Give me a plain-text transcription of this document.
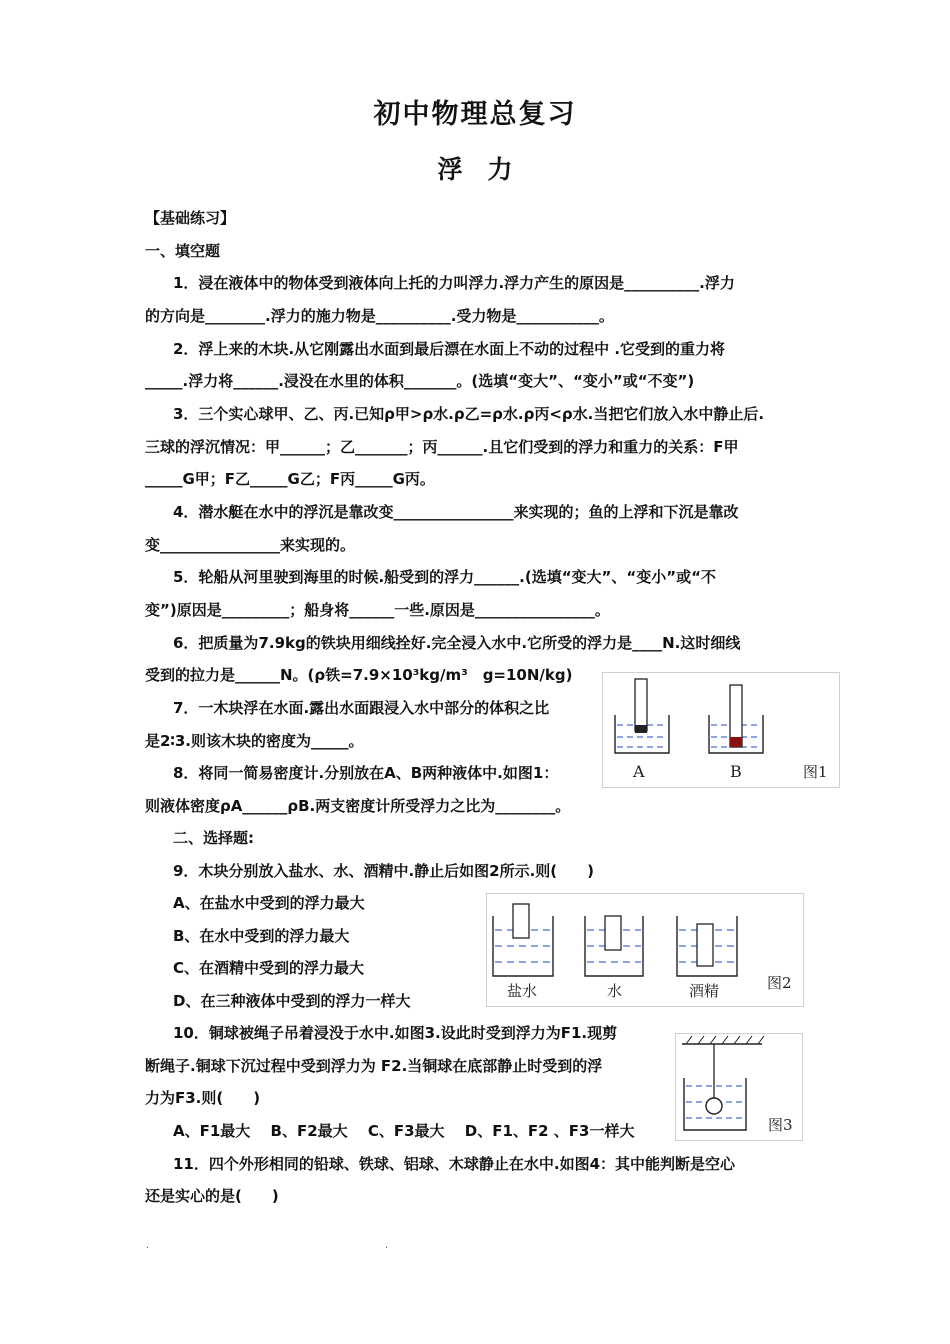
初中物理总复习
浮　力
【基础练习】
一、填空题
1．浸在液体中的物体受到液体向上托的力叫浮力.浮力产生的原因是__________.浮力
的方向是________.浮力的施力物是__________.受力物是___________。
2．浮上来的木块.从它刚露出水面到最后漂在水面上不动的过程中 .它受到的重力将
_____.浮力将______.浸没在水里的体积_______。(选填“变大”、“变小”或“不变”)
3．三个实心球甲、乙、丙.已知ρ甲>ρ水.ρ乙=ρ水.ρ丙<ρ水.当把它们放入水中静止后.
三球的浮沉情况：甲______；乙_______；丙______.且它们受到的浮力和重力的关系：F甲
_____G甲；F乙_____G乙；F丙_____G丙。
4．潜水艇在水中的浮沉是靠改变________________来实现的；鱼的上浮和下沉是靠改
变________________来实现的。
5．轮船从河里驶到海里的时候.船受到的浮力______.(选填“变大”、“变小”或“不
变”)原因是_________；船身将______一些.原因是________________。
6．把质量为7.9kg的铁块用细线拴好.完全浸入水中.它所受的浮力是____N.这时细线
受到的拉力是______N。(ρ铁=7.9×10³kg/m³　g=10N/kg)
7．一木块浮在水面.露出水面跟浸入水中部分的体积之比
是2∶3.则该木块的密度为_____。
8．将同一简易密度计.分别放在A、B两种液体中.如图1：
则液体密度ρA______ρB.两支密度计所受浮力之比为________。
二、选择题:
9．木块分别放入盐水、水、酒精中.静止后如图2所示.则(　　)
A、在盐水中受到的浮力最大
B、在水中受到的浮力最大
C、在酒精中受到的浮力最大
D、在三种液体中受到的浮力一样大
10．铜球被绳子吊着浸没于水中.如图3.设此时受到浮力为F1.现剪
断绳子.铜球下沉过程中受到浮力为 F2.当铜球在底部静止时受到的浮
力为F3.则(　　)
A、F1最大　 B、F2最大　 C、F3最大　 D、F1、F2 、F3一样大
11．四个外形相同的铅球、铁球、铝球、木球静止在水中.如图4：其中能判断是空心
还是实心的是(　　)
A	B	图1
盐水	水	酒精	图2
图3
.	.
